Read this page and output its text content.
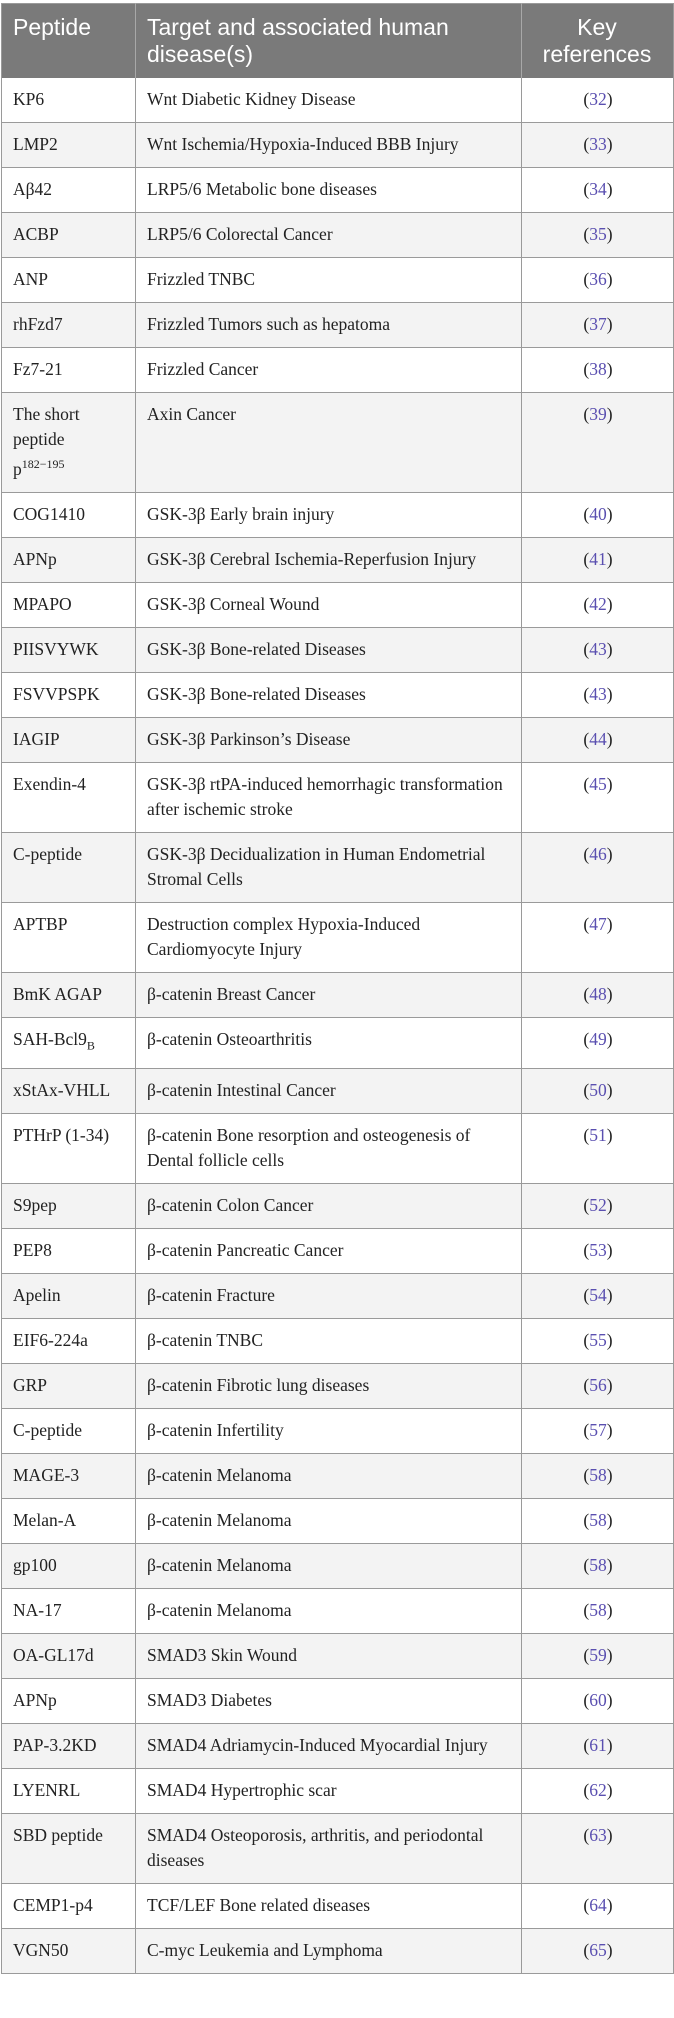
Peptide	Target and associated human disease(s)	Key references
KP6	Wnt Diabetic Kidney Disease	(32)
LMP2	Wnt Ischemia/Hypoxia-Induced BBB Injury	(33)
Aβ42	LRP5/6 Metabolic bone diseases	(34)
ACBP	LRP5/6 Colorectal Cancer	(35)
ANP	Frizzled TNBC	(36)
rhFzd7	Frizzled Tumors such as hepatoma	(37)
Fz7-21	Frizzled Cancer	(38)
The short peptide
$p^{182-195}$	Axin Cancer	(39)
COG1410	GSK-3β Early brain injury	(40)
APNp	GSK-3β Cerebral Ischemia-Reperfusion Injury	(41)
MPAPO	GSK-3β Corneal Wound	(42)
PIISVYWK	GSK-3β Bone-related Diseases	(43)
FSVVPSPK	GSK-3β Bone-related Diseases	(43)
IAGIP	GSK-3β Parkinson’s Disease	(44)
Exendin-4	GSK-3β rtPA-induced hemorrhagic transformation after ischemic stroke	(45)
C-peptide	GSK-3β Decidualization in Human Endometrial Stromal Cells	(46)
APTBP	Destruction complex Hypoxia-Induced Cardiomyocyte Injury	(47)
BmK AGAP	β-catenin Breast Cancer	(48)
SAH-$Bcl9_B$	β-catenin Osteoarthritis	(49)
xStAx-VHLL	β-catenin Intestinal Cancer	(50)
PTHrP (1-34)	β-catenin Bone resorption and osteogenesis of Dental follicle cells	(51)
S9pep	β-catenin Colon Cancer	(52)
PEP8	β-catenin Pancreatic Cancer	(53)
Apelin	β-catenin Fracture	(54)
EIF6-224a	β-catenin TNBC	(55)
GRP	β-catenin Fibrotic lung diseases	(56)
C-peptide	β-catenin Infertility	(57)
MAGE-3	β-catenin Melanoma	(58)
Melan-A	β-catenin Melanoma	(58)
gp100	β-catenin Melanoma	(58)
NA-17	β-catenin Melanoma	(58)
OA-GL17d	SMAD3 Skin Wound	(59)
APNp	SMAD3 Diabetes	(60)
PAP-3.2KD	SMAD4 Adriamycin-Induced Myocardial Injury	(61)
LYENRL	SMAD4 Hypertrophic scar	(62)
SBD peptide	SMAD4 Osteoporosis, arthritis, and periodontal diseases	(63)
CEMP1-p4	TCF/LEF Bone related diseases	(64)
VGN50	C-myc Leukemia and Lymphoma	(65)
